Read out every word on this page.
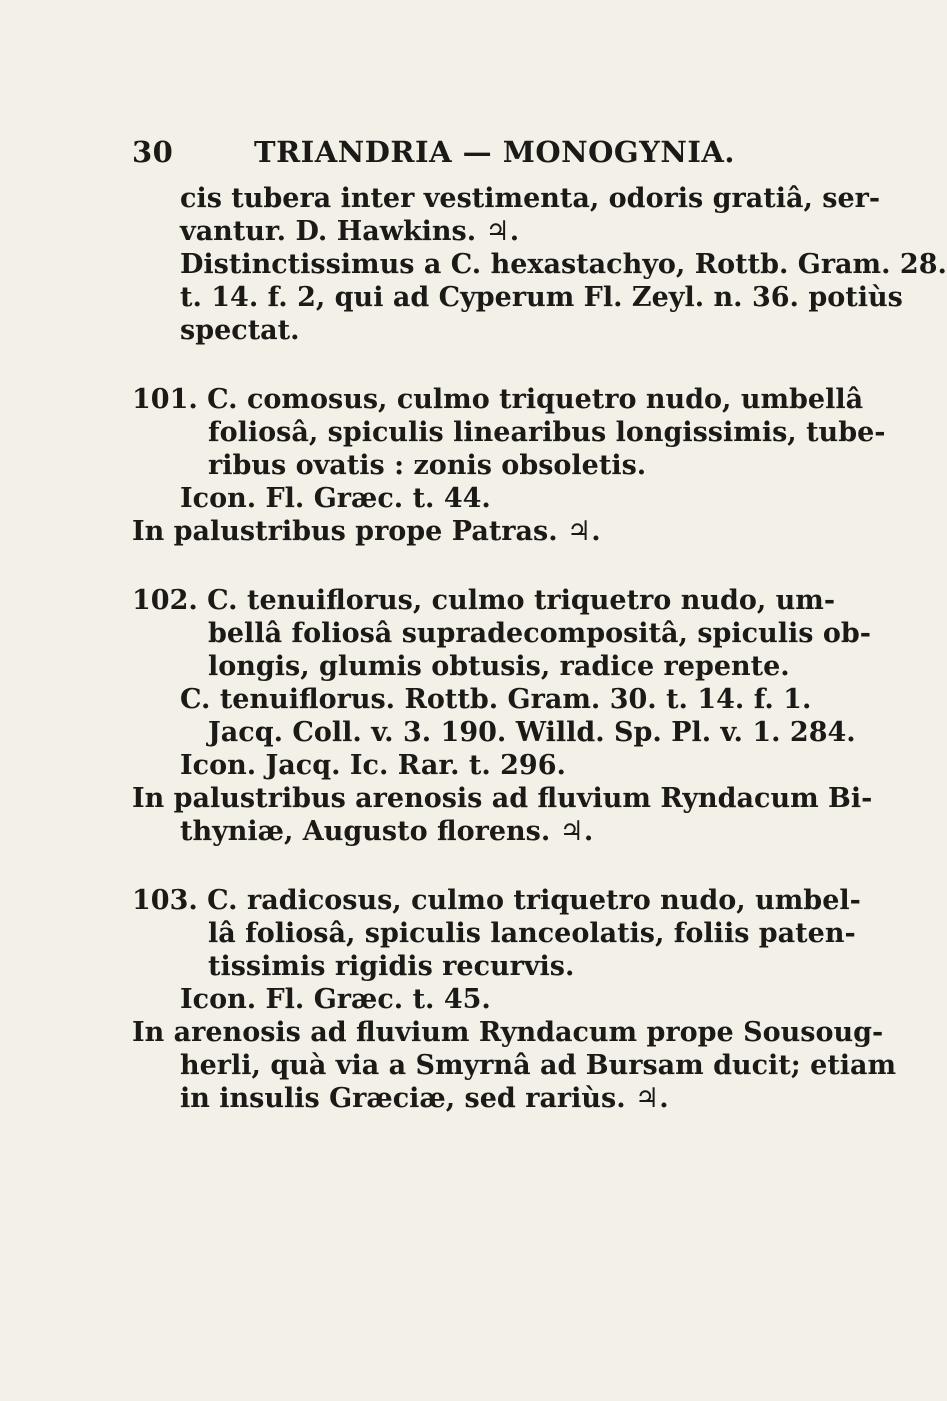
30	TRIANDRIA — MONOGYNIA.
cis tubera inter vestimenta, odoris gratiâ, ser-
vantur. D. Hawkins. ♃.
Distinctissimus a C. hexastachyo, Rottb. Gram. 28.
t. 14. f. 2, qui ad Cyperum Fl. Zeyl. n. 36. potiùs
spectat.
101. C. comosus, culmo triquetro nudo, umbellâ
foliosâ, spiculis linearibus longissimis, tube-
ribus ovatis : zonis obsoletis.
Icon. Fl. Græc. t. 44.
In palustribus prope Patras. ♃.
102. C. tenuiflorus, culmo triquetro nudo, um-
bellâ foliosâ supradecompositâ, spiculis ob-
longis, glumis obtusis, radice repente.
C. tenuiflorus. Rottb. Gram. 30. t. 14. f. 1.
Jacq. Coll. v. 3. 190. Willd. Sp. Pl. v. 1. 284.
Icon. Jacq. Ic. Rar. t. 296.
In palustribus arenosis ad fluvium Ryndacum Bi-
thyniæ, Augusto florens. ♃.
103. C. radicosus, culmo triquetro nudo, umbel-
lâ foliosâ, spiculis lanceolatis, foliis paten-
tissimis rigidis recurvis.
Icon. Fl. Græc. t. 45.
In arenosis ad fluvium Ryndacum prope Sousoug-
herli, quà via a Smyrnâ ad Bursam ducit; etiam
in insulis Græciæ, sed rariùs. ♃.
